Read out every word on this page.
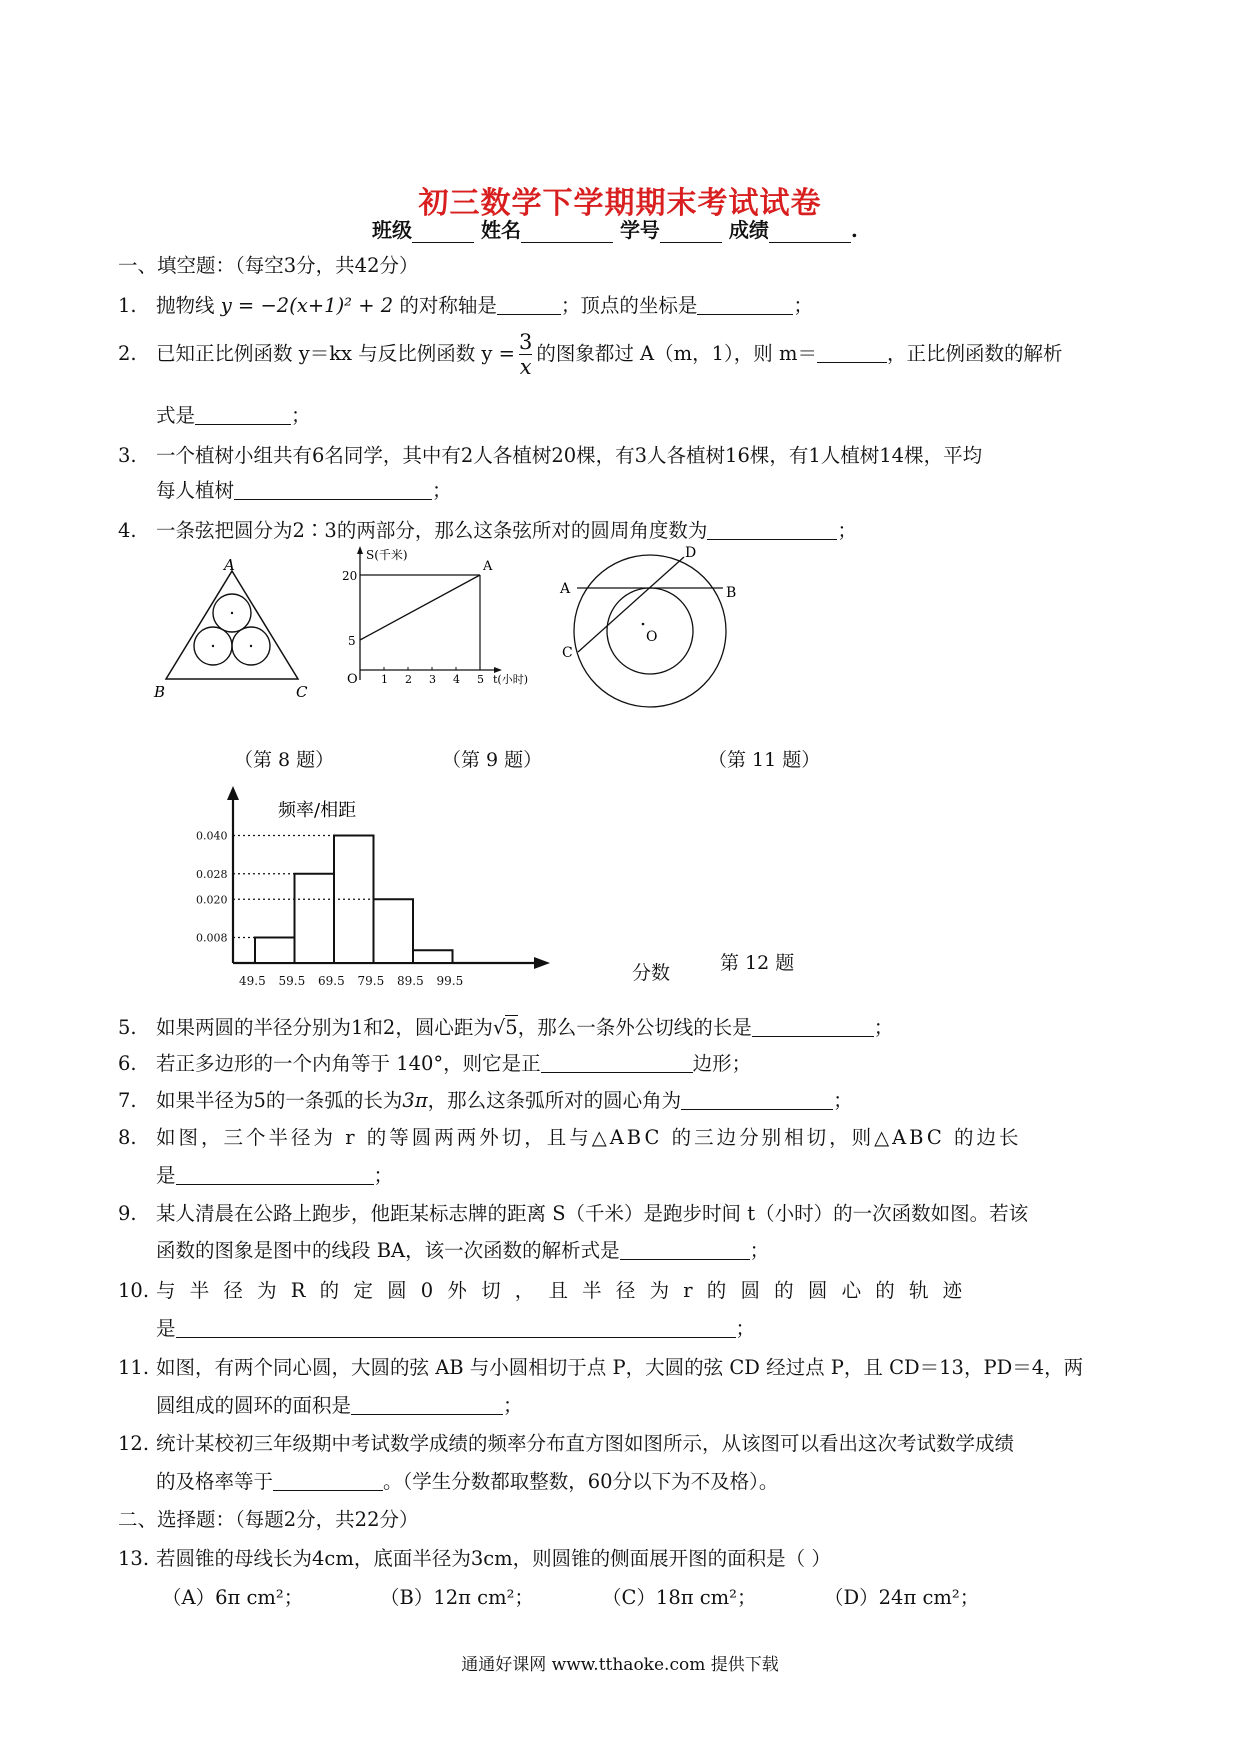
初三数学下学期期末考试试卷
班级	姓名	学号	成绩	.
一、填空题：（每空3分，共42分）
1. 抛物线 y = −2(x+1)² + 2 的对称轴是	；顶点的坐标是	；
2. 已知正比例函数 y＝kx 与反比例函数 $y = \frac{3}{x}$ 的图象都过 A（m，1），则 m＝	，正比例函数的解析
式是	；
3. 一个植树小组共有6名同学，其中有2人各植树20棵，有3人各植树16棵，有1人植树14棵，平均
每人植树	；
4. 一条弦把圆分为2∶3的两部分，那么这条弦所对的圆周角度数为	；
A
B	C
S(千米)
20
5
A
O 1 2 3 4 5 t(小时)
A	B
C
D
O
（第 8 题）	（第 9 题）	（第 11 题）
0.040
0.028
0.020
0.008
49.5 59.5 69.5 79.5 89.5 99.5
频率/相距
分数	第 12 题
5. 如果两圆的半径分别为1和2，圆心距为√5，那么一条外公切线的长是	；
6. 若正多边形的一个内角等于 140°，则它是正	边形；
7. 如果半径为5的一条弧的长为3π，那么这条弧所对的圆心角为	；
8. 如图，三个半径为 r 的等圆两两外切，且与△ABC 的三边分别相切，则△ABC 的边长
是	；
9. 某人清晨在公路上跑步，他距某标志牌的距离 S（千米）是跑步时间 t（小时）的一次函数如图。若该
函数的图象是图中的线段 BA，该一次函数的解析式是	；
10. 与 半 径 为 R 的 定 圆 0 外 切 ， 且 半 径 为 r 的 圆 的 圆 心 的 轨 迹
是	；
11. 如图，有两个同心圆，大圆的弦 AB 与小圆相切于点 P，大圆的弦 CD 经过点 P，且 CD＝13，PD＝4，两
圆组成的圆环的面积是	；
12. 统计某校初三年级期中考试数学成绩的频率分布直方图如图所示，从该图可以看出这次考试数学成绩
的及格率等于	。（学生分数都取整数，60分以下为不及格）。
二、选择题：（每题2分，共22分）
13. 若圆锥的母线长为4cm，底面半径为3cm，则圆锥的侧面展开图的面积是（ ）
（A）6π cm²；	（B）12π cm²；	（C）18π cm²；	（D）24π cm²；
通通好课网 www.tthaoke.com 提供下载
